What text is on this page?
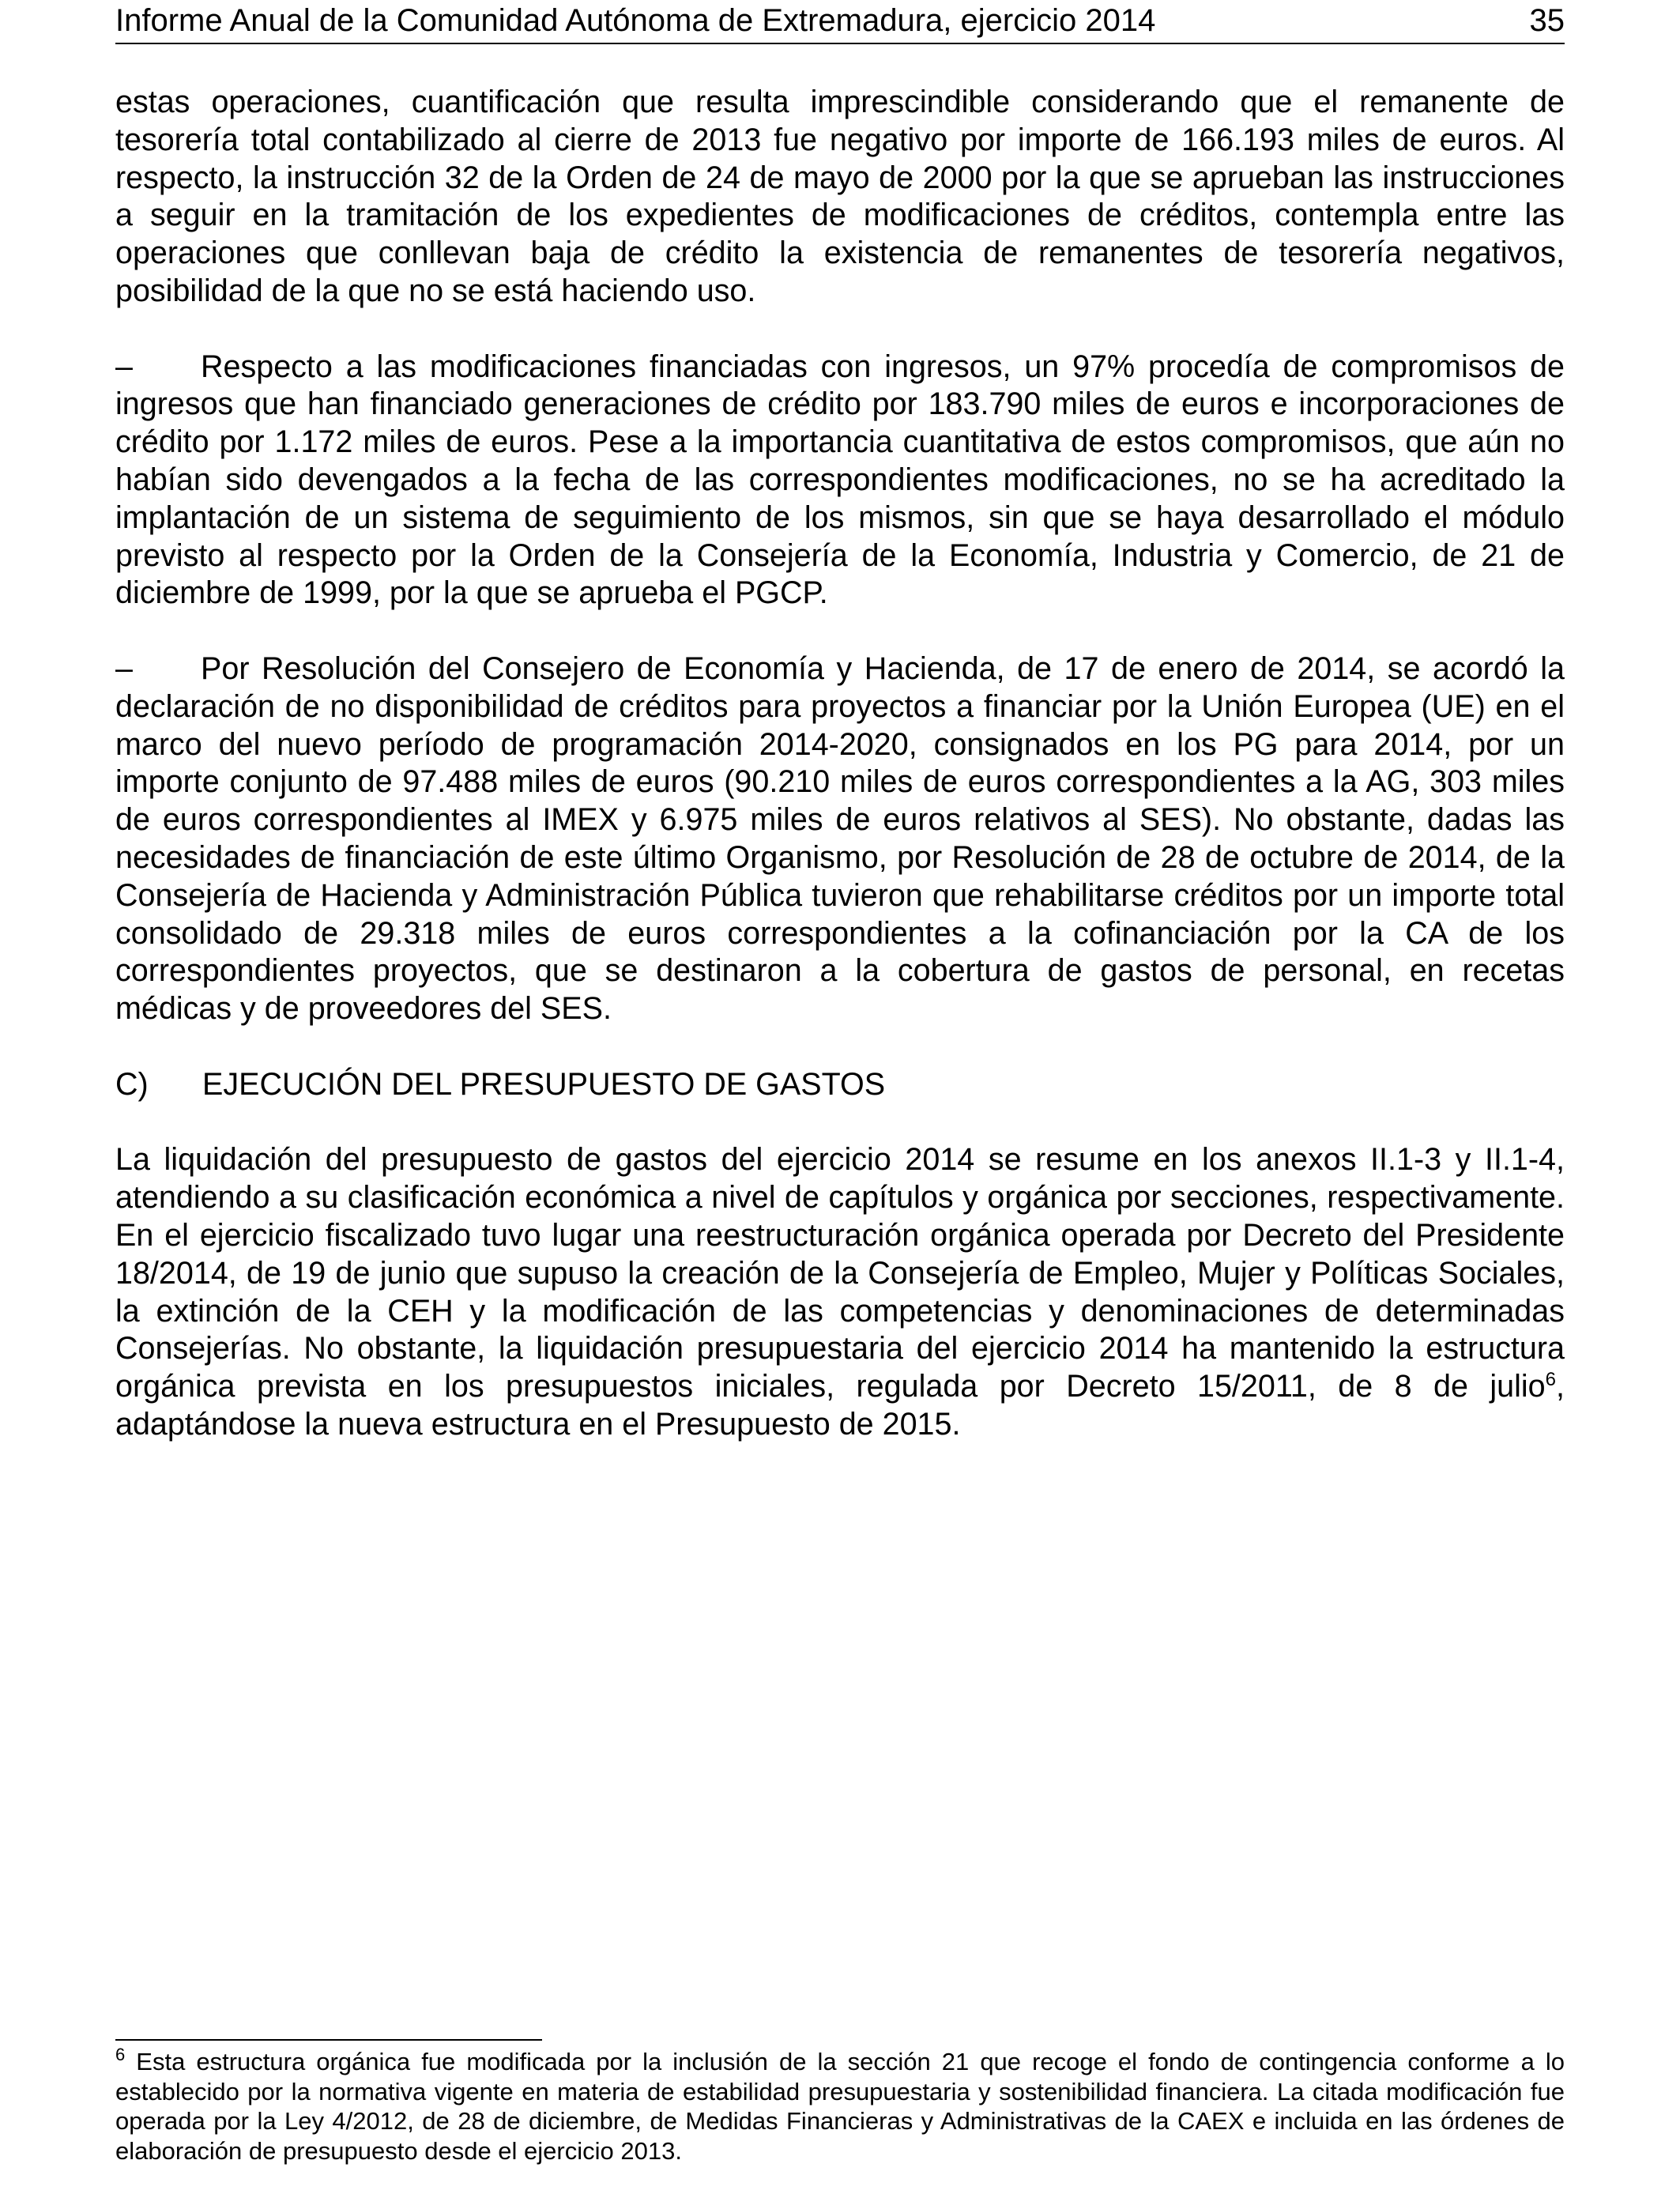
Informe Anual de la Comunidad Autónoma de Extremadura, ejercicio 2014	35

estas operaciones, cuantificación que resulta imprescindible considerando que el remanente de tesorería total contabilizado al cierre de 2013 fue negativo por importe de 166.193 miles de euros. Al respecto, la instrucción 32 de la Orden de 24 de mayo de 2000 por la que se aprueban las instrucciones a seguir en la tramitación de los expedientes de modificaciones de créditos, contempla entre las operaciones que conllevan baja de crédito la existencia de remanentes de tesorería negativos, posibilidad de la que no se está haciendo uso.

– Respecto a las modificaciones financiadas con ingresos, un 97% procedía de compromisos de ingresos que han financiado generaciones de crédito por 183.790 miles de euros e incorporaciones de crédito por 1.172 miles de euros. Pese a la importancia cuantitativa de estos compromisos, que aún no habían sido devengados a la fecha de las correspondientes modificaciones, no se ha acreditado la implantación de un sistema de seguimiento de los mismos, sin que se haya desarrollado el módulo previsto al respecto por la Orden de la Consejería de la Economía, Industria y Comercio, de 21 de diciembre de 1999, por la que se aprueba el PGCP.

– Por Resolución del Consejero de Economía y Hacienda, de 17 de enero de 2014, se acordó la declaración de no disponibilidad de créditos para proyectos a financiar por la Unión Europea (UE) en el marco del nuevo período de programación 2014-2020, consignados en los PG para 2014, por un importe conjunto de 97.488 miles de euros (90.210 miles de euros correspondientes a la AG, 303 miles de euros correspondientes al IMEX y 6.975 miles de euros relativos al SES). No obstante, dadas las necesidades de financiación de este último Organismo, por Resolución de 28 de octubre de 2014, de la Consejería de Hacienda y Administración Pública tuvieron que rehabilitarse créditos por un importe total consolidado de 29.318 miles de euros correspondientes a la cofinanciación por la CA de los correspondientes proyectos, que se destinaron a la cobertura de gastos de personal, en recetas médicas y de proveedores del SES.

C) EJECUCIÓN DEL PRESUPUESTO DE GASTOS

La liquidación del presupuesto de gastos del ejercicio 2014 se resume en los anexos II.1-3 y II.1-4, atendiendo a su clasificación económica a nivel de capítulos y orgánica por secciones, respectivamente. En el ejercicio fiscalizado tuvo lugar una reestructuración orgánica operada por Decreto del Presidente 18/2014, de 19 de junio que supuso la creación de la Consejería de Empleo, Mujer y Políticas Sociales, la extinción de la CEH y la modificación de las competencias y denominaciones de determinadas Consejerías. No obstante, la liquidación presupuestaria del ejercicio 2014 ha mantenido la estructura orgánica prevista en los presupuestos iniciales, regulada por Decreto 15/2011, de 8 de julio$^6$, adaptándose la nueva estructura en el Presupuesto de 2015.

$^6$ Esta estructura orgánica fue modificada por la inclusión de la sección 21 que recoge el fondo de contingencia conforme a lo establecido por la normativa vigente en materia de estabilidad presupuestaria y sostenibilidad financiera. La citada modificación fue operada por la Ley 4/2012, de 28 de diciembre, de Medidas Financieras y Administrativas de la CAEX e incluida en las órdenes de elaboración de presupuesto desde el ejercicio 2013.
